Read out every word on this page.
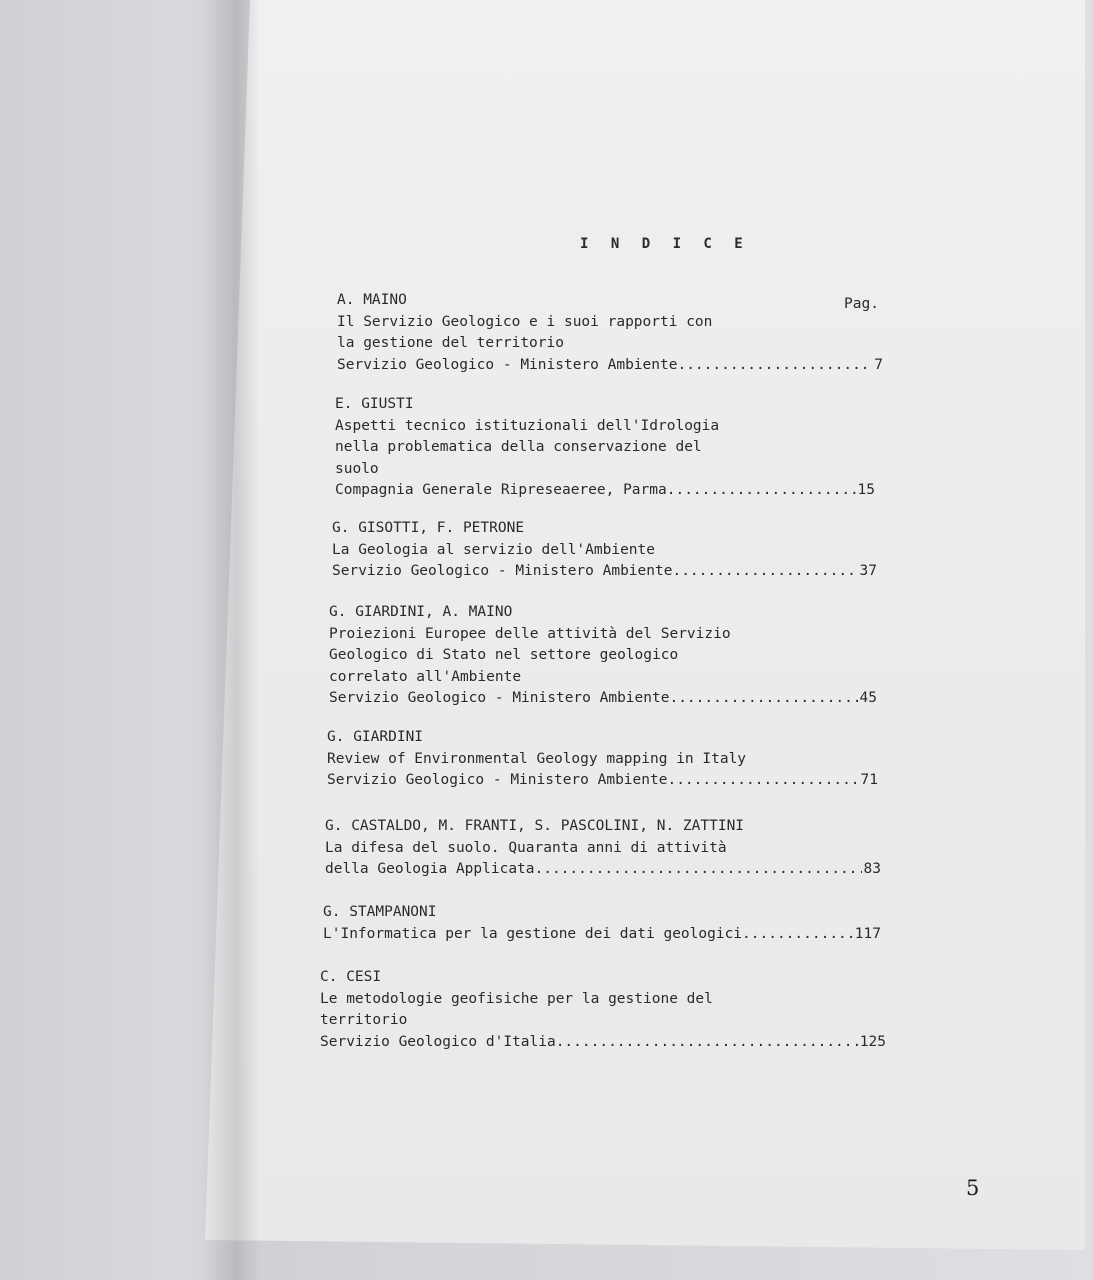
I N D I C E
Pag.
A. MAINO
Il Servizio Geologico e i suoi rapporti con
la gestione del territorio
Servizio Geologico - Ministero Ambiente .....	7
E. GIUSTI
Aspetti tecnico istituzionali dell'Idrologia
nella problematica della conservazione del
suolo
Compagnia Generale Ripreseaeree, Parma .....	15
G. GISOTTI, F. PETRONE
La Geologia al servizio dell'Ambiente
Servizio Geologico - Ministero Ambiente .....	37
G. GIARDINI, A. MAINO
Proiezioni Europee delle attività del Servizio
Geologico di Stato nel settore geologico
correlato all'Ambiente
Servizio Geologico - Ministero Ambiente .....	45
G. GIARDINI
Review of Environmental Geology mapping in Italy
Servizio Geologico - Ministero Ambiente .....	71
G. CASTALDO, M. FRANTI, S. PASCOLINI, N. ZATTINI
La difesa del suolo. Quaranta anni di attività
della Geologia Applicata .....	83
G. STAMPANONI
L'Informatica per la gestione dei dati geologici .....	117
C. CESI
Le metodologie geofisiche per la gestione del
territorio
Servizio Geologico d'Italia .....	125
5
